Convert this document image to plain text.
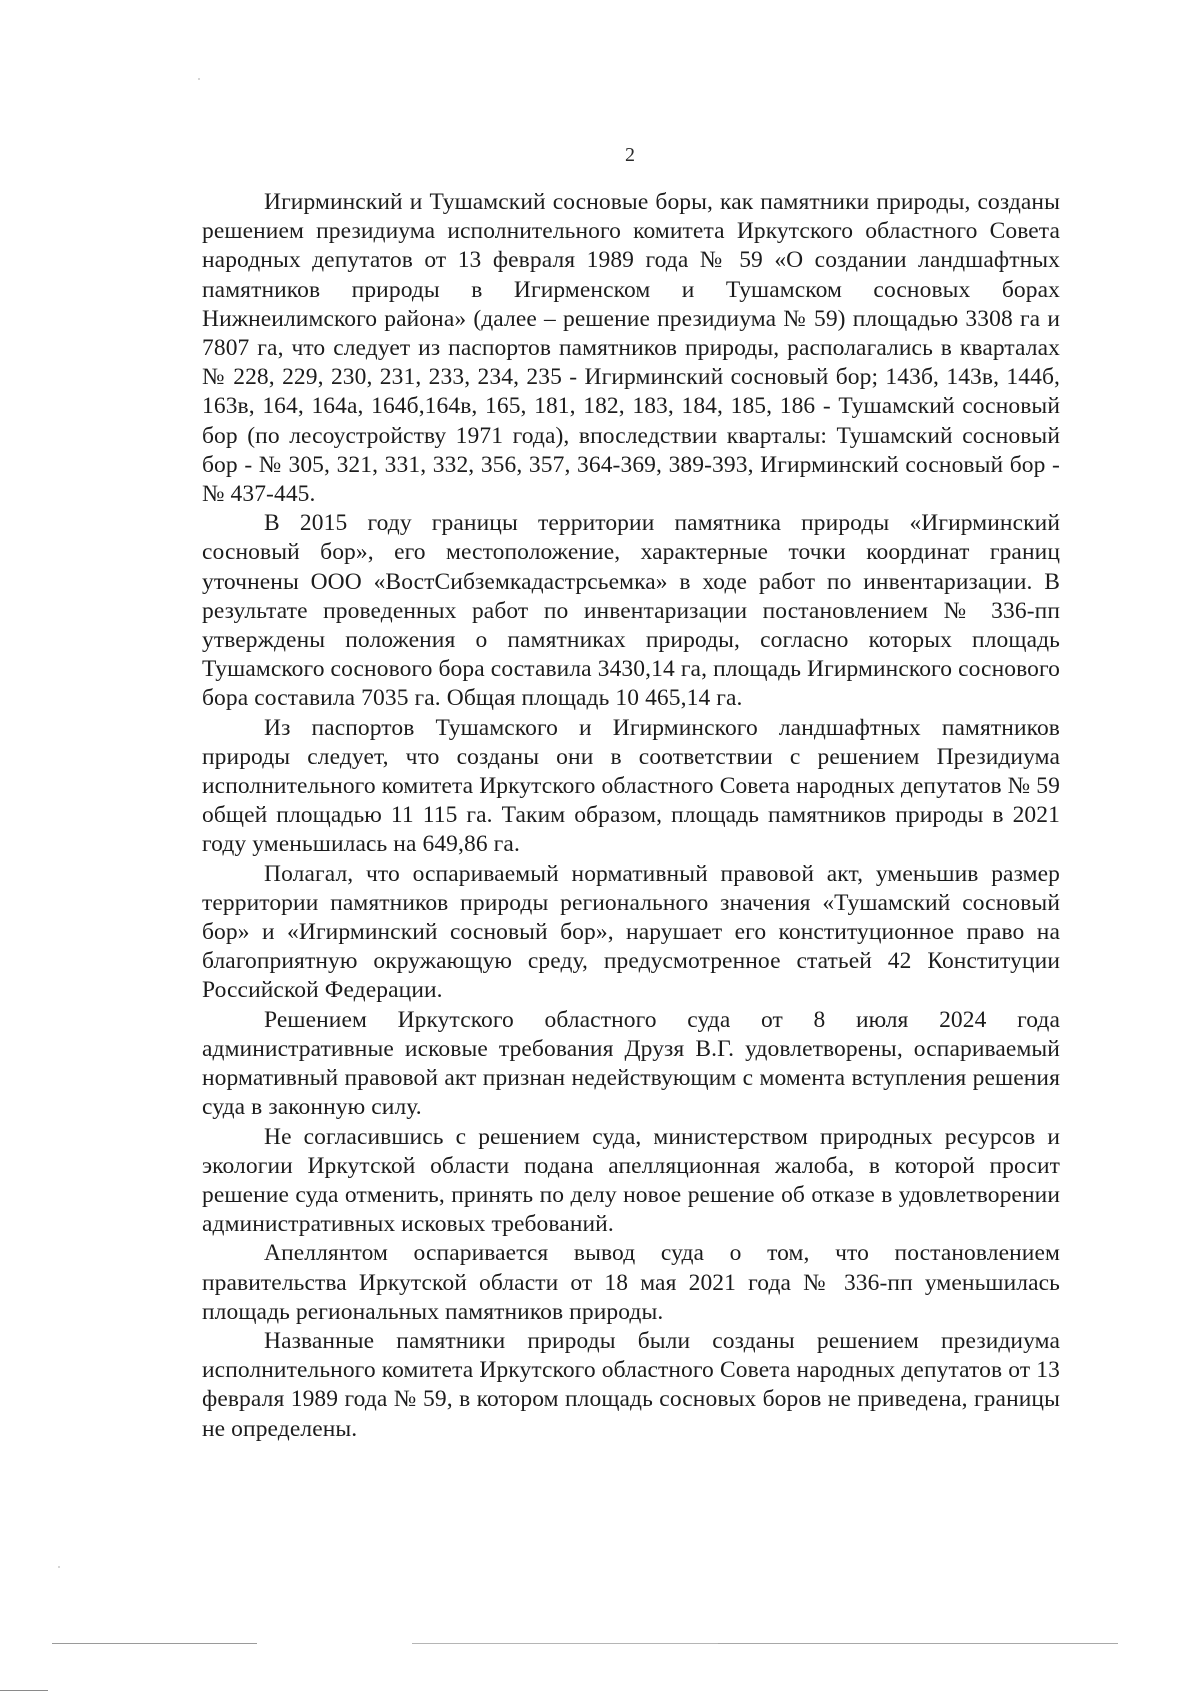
2

Игирминский и Тушамский сосновые боры, как памятники природы, созданы решением президиума исполнительного комитета Иркутского областного Совета народных депутатов от 13 февраля 1989 года № 59 «О создании ландшафтных памятников природы в Игирменском и Тушамском сосновых борах Нижнеилимского района» (далее – решение президиума № 59) площадью 3308 га и 7807 га, что следует из паспортов памятников природы, располагались в кварталах № 228, 229, 230, 231, 233, 234, 235 - Игирминский сосновый бор; 143б, 143в, 144б, 163в, 164, 164а, 164б,164в, 165, 181, 182, 183, 184, 185, 186 - Тушамский сосновый бор (по лесоустройству 1971 года), впоследствии кварталы: Тушамский сосновый бор - № 305, 321, 331, 332, 356, 357, 364-369, 389-393, Игирминский сосновый бор - № 437-445.

В 2015 году границы территории памятника природы «Игирминский сосновый бор», его местоположение, характерные точки координат границ уточнены ООО «ВостСибземкадастрсьемка» в ходе работ по инвентаризации. В результате проведенных работ по инвентаризации постановлением № 336-пп утверждены положения о памятниках природы, согласно которых площадь Тушамского соснового бора составила 3430,14 га, площадь Игирминского соснового бора составила 7035 га. Общая площадь 10 465,14 га.

Из паспортов Тушамского и Игирминского ландшафтных памятников природы следует, что созданы они в соответствии с решением Президиума исполнительного комитета Иркутского областного Совета народных депутатов № 59 общей площадью 11 115 га. Таким образом, площадь памятников природы в 2021 году уменьшилась на 649,86 га.

Полагал, что оспариваемый нормативный правовой акт, уменьшив размер территории памятников природы регионального значения «Тушамский сосновый бор» и «Игирминский сосновый бор», нарушает его конституционное право на благоприятную окружающую среду, предусмотренное статьей 42 Конституции Российской Федерации.

Решением Иркутского областного суда от 8 июля 2024 года административные исковые требования Друзя В.Г. удовлетворены, оспариваемый нормативный правовой акт признан недействующим с момента вступления решения суда в законную силу.

Не согласившись с решением суда, министерством природных ресурсов и экологии Иркутской области подана апелляционная жалоба, в которой просит решение суда отменить, принять по делу новое решение об отказе в удовлетворении административных исковых требований.

Апеллянтом оспаривается вывод суда о том, что постановлением правительства Иркутской области от 18 мая 2021 года № 336-пп уменьшилась площадь региональных памятников природы.

Названные памятники природы были созданы решением президиума исполнительного комитета Иркутского областного Совета народных депутатов от 13 февраля 1989 года № 59, в котором площадь сосновых боров не приведена, границы не определены.
